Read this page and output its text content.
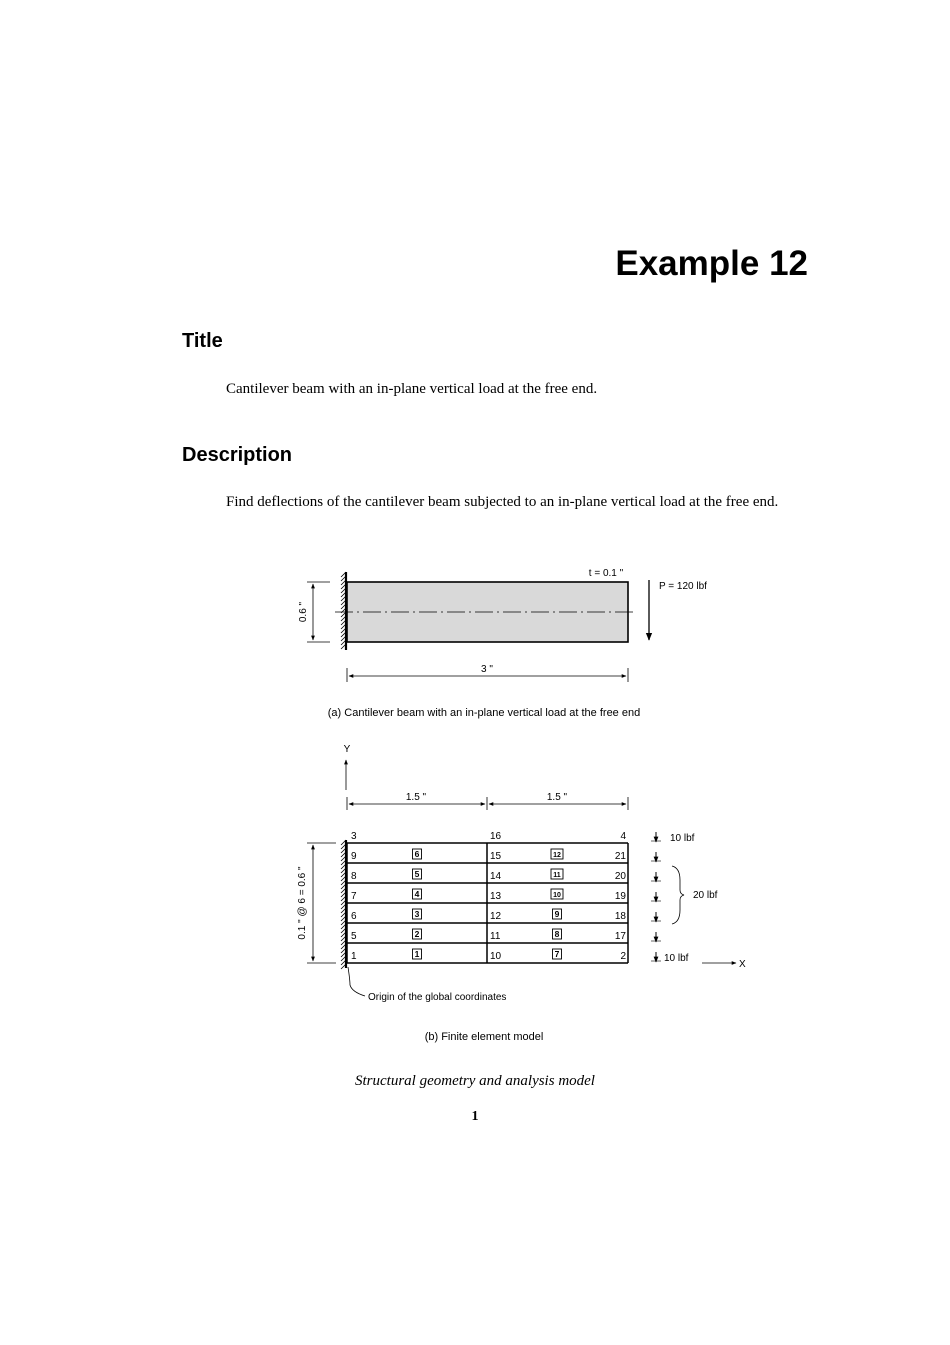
Example 12
Title

Cantilever beam with an in-plane vertical load at the free end.

Description

Find deflections of the cantilever beam subjected to an in-plane vertical load at the free end.

0.6 "
3 "
t = 0.1 "
P = 120 lbf
(a) Cantilever beam with an in-plane vertical load at the free end
Y
1.5 "	1.5 "
3
9
8
7
6
5
1
16
15
14
13
12
11
10
4
21
20
19
18
17
2
6
5
4
3
2
1
12
11
10
9
8
7
0.1 " @ 6 = 0.6 "
10 lbf
20 lbf
10 lbf
X
Origin of the global coordinates
(b) Finite element model

Structural geometry and analysis model

1
